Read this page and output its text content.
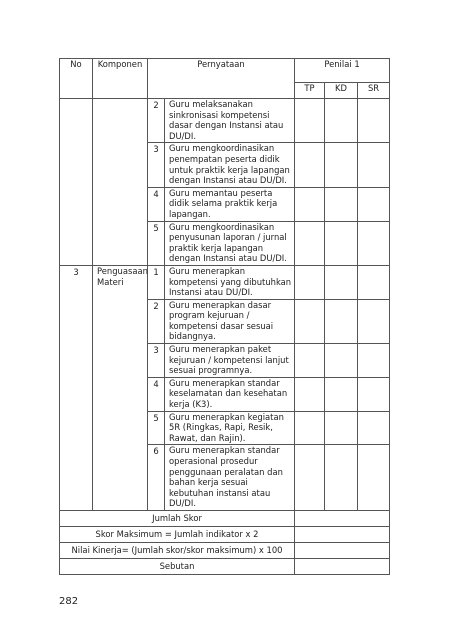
No	Komponen	Pernyataan		Penilai 1		
				TP	KD	SR
		2	Guru melaksanakan sinkronisasi kompetensi dasar dengan Instansi atau DU/DI.			
		3	Guru mengkoordinasikan penempatan peserta didik untuk praktik kerja lapangan dengan Instansi atau DU/DI.			
		4	Guru memantau peserta didik selama praktik kerja lapangan.			
		5	Guru mengkoordinasikan penyusunan laporan / jurnal praktik kerja lapangan dengan Instansi atau DU/DI.			
3	Penguasaan Materi	1	Guru menerapkan kompetensi yang dibutuhkan Instansi atau DU/DI.			
		2	Guru menerapkan dasar program kejuruan / kompetensi dasar sesuai bidangnya.			
		3	Guru menerapkan paket kejuruan / kompetensi lanjut sesuai programnya.			
		4	Guru menerapkan standar keselamatan dan kesehatan kerja (K3).			
		5	Guru menerapkan kegiatan 5R (Ringkas, Rapi, Resik, Rawat, dan Rajin).			
		6	Guru menerapkan standar operasional prosedur penggunaan peralatan dan bahan kerja sesuai kebutuhan instansi atau DU/DI.			
Jumlah Skor						
Skor Maksimum = Jumlah indikator x 2						
Nilai Kinerja= (Jumlah skor/skor maksimum) x 100						
Sebutan						
282
